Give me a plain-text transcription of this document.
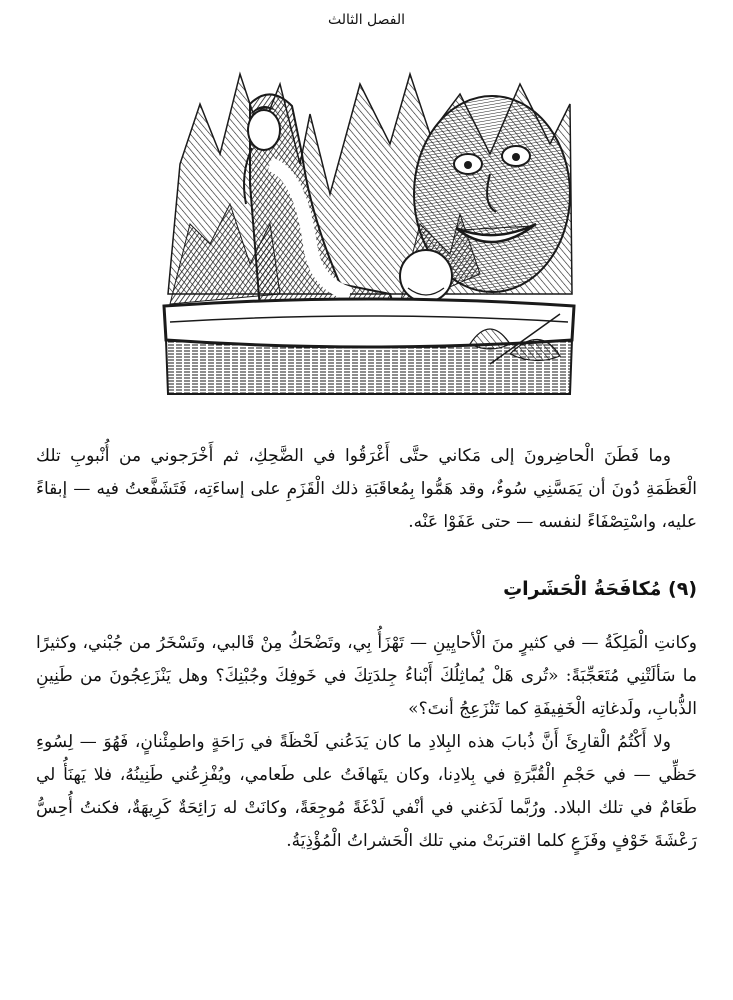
الفصل الثالث

وما فَطَنَ الْحاضِرونَ إلى مَكاني حتَّى أَغْرَقُوا في الضَّحِكِ، ثم أَخْرَجوني من أُنْبوبِ تلك الْعَظَمَةِ دُونَ أن يَمَسَّنِي سُوءٌ، وقد هَمُّوا بِمُعاقَبَةِ ذلك الْقَزَمِ على إساءَتِه، فَتَشَفَّعتُ فيه — إبقاءً عليه، واسْتِصْفَاءً لنفسه — حتى عَفَوْا عَنْه.

(٩) مُكافَحَةُ الْحَشَراتِ

وكانتِ الْمَلِكَةُ — في كثيرٍ منَ الْأحايِينِ — تَهْزَأُ بِي، وتَضْحَكُ مِنْ قَالبي، وتَسْخَرُ من جُبْني، وكثيرًا ما سَألَتْنِي مُتَعَجِّبَةً: «تُرى هَلْ يُماثِلُكَ أَبْناءُ جِلدَتِكَ في خَوفِكَ وجُبْنِكَ؟ وهل يَنْزَعِجُونَ من طَنِينِ الذُّبابِ، ولَدغاتِه الْخَفِيفَةِ كما تَنْزَعِجُ أنتَ؟»

ولا أَكْتُمُ الْقارِئَ أَنَّ ذُبابَ هذه البِلادِ ما كان يَدَعُني لَحْظَةً في رَاحَةٍ واطمِئْنانٍ، فَهُوَ — لِسُوءِ حَظِّي — في حَجْمِ الْقُبَّرَةِ في بِلادِنا، وكان يتَهافَتُ على طَعامي، ويُفْزِعُني طَنِينُهُ، فلا يَهنَأُ لي طَعَامٌ في تلك البلاد. ورُبَّما لَدَغني في أنْفي لَدْغَةً مُوجِعَةً، وكانَتْ له رَائِحَةٌ كَرِيهَةٌ، فكنتُ أُحِسُّ رَعْشَةَ خَوْفٍ وفَزَعٍ كلما اقتربَتْ مني تلك الْحَشراتُ الْمُؤْذِيَةُ.
